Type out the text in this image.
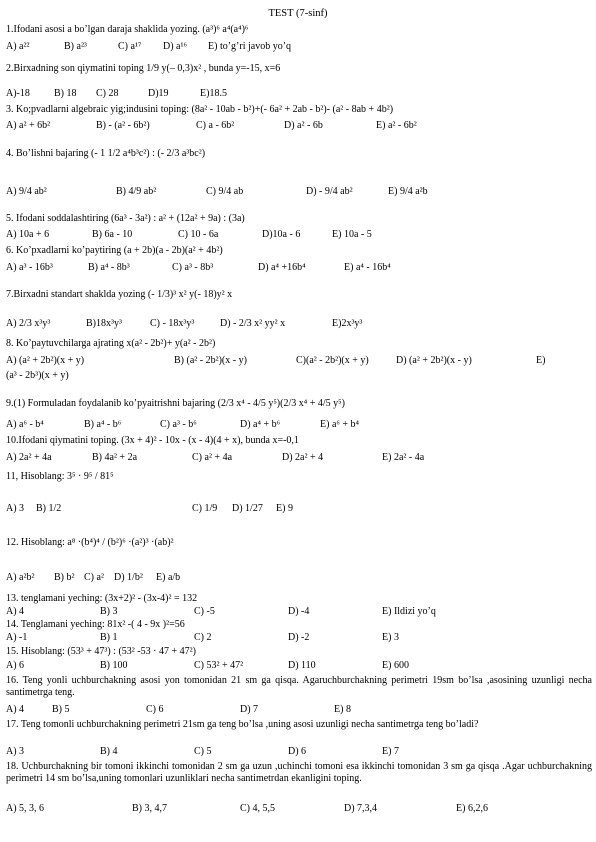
TEST (7-sinf)
1.Ifodani asosi a bo’lgan daraja shaklida yozing. (a³)⁶ a⁴(a⁴)⁶
A) a²²	B) a²³	C) a¹⁷	D) a¹⁶	E) to’g’ri javob yo’q
2.Birxadning son qiymatini toping 1/9 y(– 0,3)x² , bunda y=-15, x=6
A)-18	B) 18	C) 28	D)19	E)18.5
3. Ko;pvadlarni algebraic yig;indusini toping: (8a² - 10ab - b²)+(- 6a² + 2ab - b²)- (a² - 8ab + 4b²)
A) a² + 6b²	B) - (a² - 6b²)	C) a - 6b²	D) a² - 6b	E) a² - 6b²
4. Bo’lishni bajaring (- 1 1/2 a⁴b³c²) : (- 2/3 a³bc²)
A) 9/4 ab²	B) 4/9 ab²	C) 9/4 ab	D) - 9/4 ab²	E) 9/4 a²b
5. Ifodani soddalashtiring (6a³ - 3a²) : a² + (12a² + 9a) : (3a)
A) 10a + 6	B) 6a - 10	C) 10 - 6a	D)10a - 6	E) 10a - 5
6. Ko’pxadlarni ko’paytiring (a + 2b)(a - 2b)(a² + 4b²)
A) a³ - 16b³	B) a⁴ - 8b³	C) a³ - 8b³	D) a⁴ +16b⁴	E) a⁴ - 16b⁴
7.Birxadni standart shaklda yozing (- 1/3)³ x² y(- 18)y² x
A) 2/3 x³y³	B)18x³y³	C) - 18x³y³	D) - 2/3 x² yy² x	E)2x³y³
8. Ko’paytuvchilarga ajrating x(a² - 2b²)+ y(a² - 2b²)
A) (a² + 2b²)(x + y)	B) (a² - 2b²)(x - y)	C)(a² - 2b²)(x + y)	D) (a² + 2b²)(x - y)	E)
(a³ - 2b³)(x + y)
9.(1) Formuladan foydalanib ko’pyaitrishni bajaring (2/3 x⁴ - 4/5 y⁵)(2/3 x⁴ + 4/5 y⁵)
A) a⁶ - b⁴	B) a⁴ - b⁶	C) a³ - b⁶	D) a⁴ + b⁶	E) a⁶ + b⁴
10.Ifodani qiymatini toping. (3x + 4)² - 10x - (x - 4)(4 + x), bunda x=-0,1
A) 2a² + 4a	B) 4a² + 2a	C) a² + 4a	D) 2a² + 4	E) 2a² - 4a
11, Hisoblang: 3⁵ · 9⁵ / 81⁵
A) 3	B) 1/2	C) 1/9	D) 1/27	E) 9
12. Hisoblang: a⁸ ·(b⁴)⁴ / (b²)⁶ ·(a²)³ ·(ab)²
A) a²b²	B) b² C) a²	D) 1/b²	E) a/b
13. tenglamani yeching: (3x+2)² - (3x-4)² = 132
A) 4	B) 3	C) -5	D) -4	E) Ildizi yo’q
14. Tenglamani yeching: 81x² -( 4 - 9x )²=56
A) -1	B) 1	C) 2	D) -2	E) 3
15. Hisoblang: (53³ + 47³) : (53² -53 · 47 + 47²)
A) 6	B) 100	C) 53² + 47²	D) 110	E) 600
16. Teng yonli uchburchakning asosi yon tomonidan 21 sm ga qisqa. Agaruchburchakning perimetri 19sm bo’lsa ,asosining uzunligi necha santimetrga teng.
A) 4	B) 5	C) 6	D) 7	E) 8
17. Teng tomonli uchburchakning perimetri 21sm ga teng bo’lsa ,uning asosi uzunligi necha santimetrga teng bo’ladi?
A) 3	B) 4	C) 5	D) 6	E) 7
18. Uchburchakning bir tomoni ikkinchi tomonidan 2 sm ga uzun ,uchinchi tomoni esa ikkinchi tomonidan 3 sm ga qisqa .Agar uchburchakning perimetri 14 sm bo’lsa,uning tomonlari uzunliklari necha santimetrdan ekanligini toping.
A) 5, 3, 6	B) 3, 4,7	C) 4, 5,5	D) 7,3,4	E) 6,2,6
